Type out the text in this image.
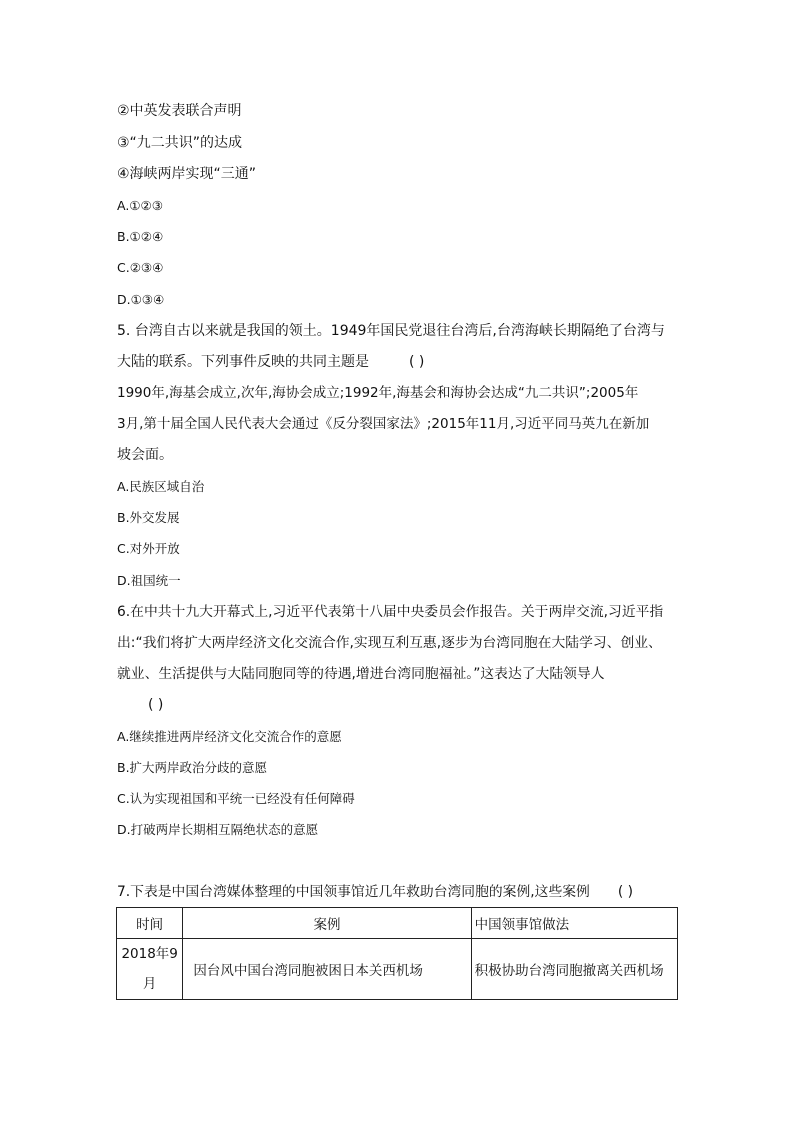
②中英发表联合声明
③“九二共识”的达成
④海峡两岸实现“三通”
A.①②③
B.①②④
C.②③④
D.①③④
5. 台湾自古以来就是我国的领土。1949年国民党退往台湾后,台湾海峡长期隔绝了台湾与
大陆的联系。下列事件反映的共同主题是	( )
1990年,海基会成立,次年,海协会成立;1992年,海基会和海协会达成“九二共识”;2005年
3月,第十届全国人民代表大会通过《反分裂国家法》;2015年11月,习近平同马英九在新加
坡会面。
A.民族区域自治
B.外交发展
C.对外开放
D.祖国统一
6.在中共十九大开幕式上,习近平代表第十八届中央委员会作报告。关于两岸交流,习近平指
出:“我们将扩大两岸经济文化交流合作,实现互利互惠,逐步为台湾同胞在大陆学习、创业、
就业、生活提供与大陆同胞同等的待遇,增进台湾同胞福祉。”这表达了大陆领导人
( )
A.继续推进两岸经济文化交流合作的意愿
B.扩大两岸政治分歧的意愿
C.认为实现祖国和平统一已经没有任何障碍
D.打破两岸长期相互隔绝状态的意愿
7.下表是中国台湾媒体整理的中国领事馆近几年救助台湾同胞的案例,这些案例 ( )
时间	案例	中国领事馆做法
2018年9月	因台风中国台湾同胞被困日本关西机场	积极协助台湾同胞撤离关西机场
